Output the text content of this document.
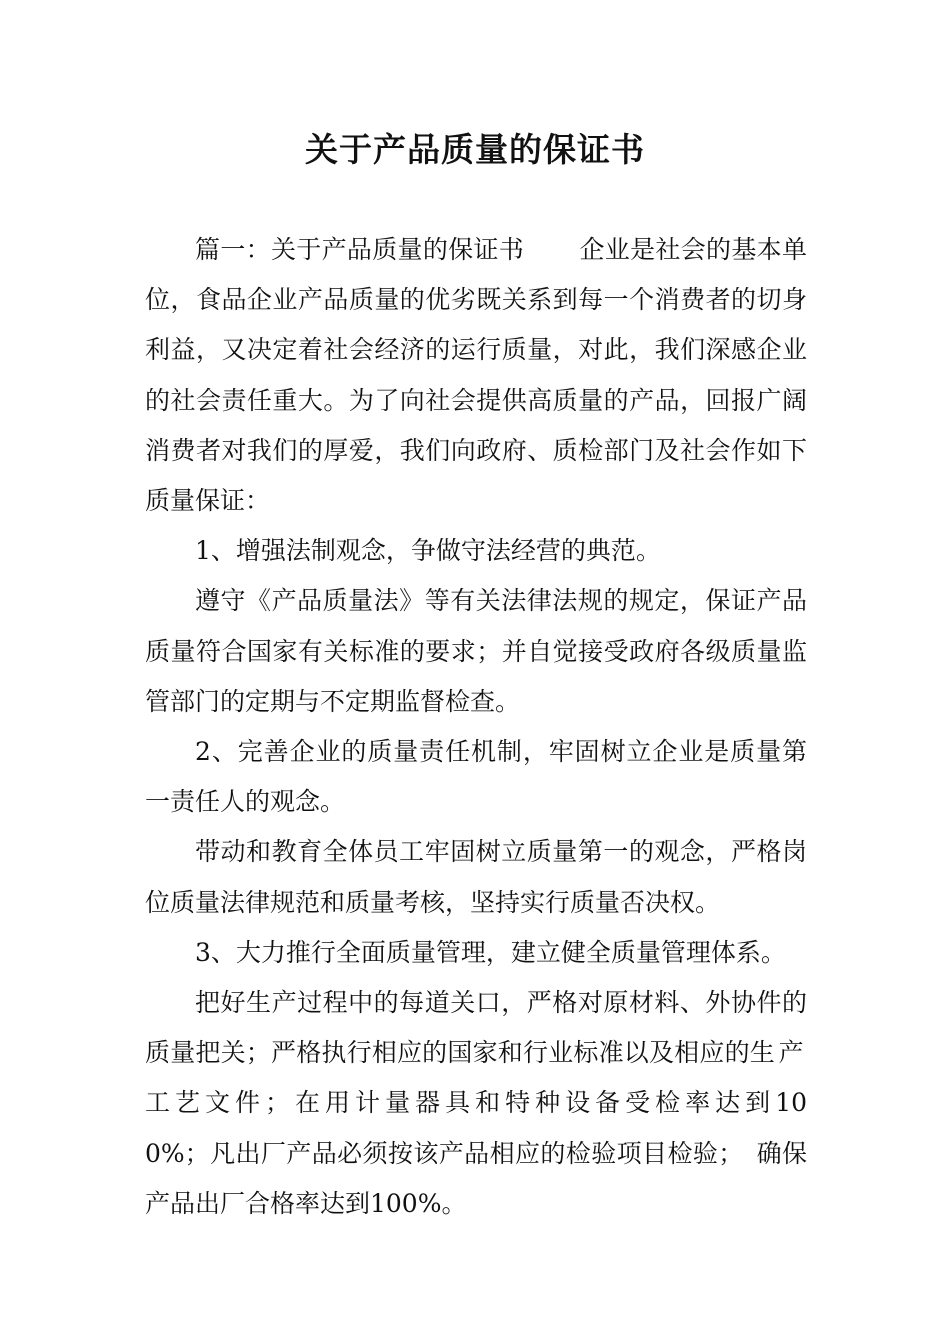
关于产品质量的保证书

篇一：关于产品质量的保证书 企业是社会的基本单位，食品企业产品质量的优劣既关系到每一个消费者的切身利益，又决定着社会经济的运行质量，对此，我们深感企业的社会责任重大。为了向社会提供高质量的产品，回报广阔消费者对我们的厚爱，我们向政府、质检部门及社会作如下质量保证：

1、增强法制观念，争做守法经营的典范。

遵守《产品质量法》等有关法律法规的规定，保证产品质量符合国家有关标准的要求；并自觉接受政府各级质量监管部门的定期与不定期监督检查。

2、完善企业的质量责任机制，牢固树立企业是质量第一责任人的观念。

带动和教育全体员工牢固树立质量第一的观念，严格岗位质量法律规范和质量考核，坚持实行质量否决权。

3、大力推行全面质量管理，建立健全质量管理体系。

把好生产过程中的每道关口，严格对原材料、外协件的质量把关；严格执行相应的国家和行业标准以及相应的生产工艺文件；在用计量器具和特种设备受检率达到100%；凡出厂产品必须按该产品相应的检验项目检验；　确保产品出厂合格率达到100%。
